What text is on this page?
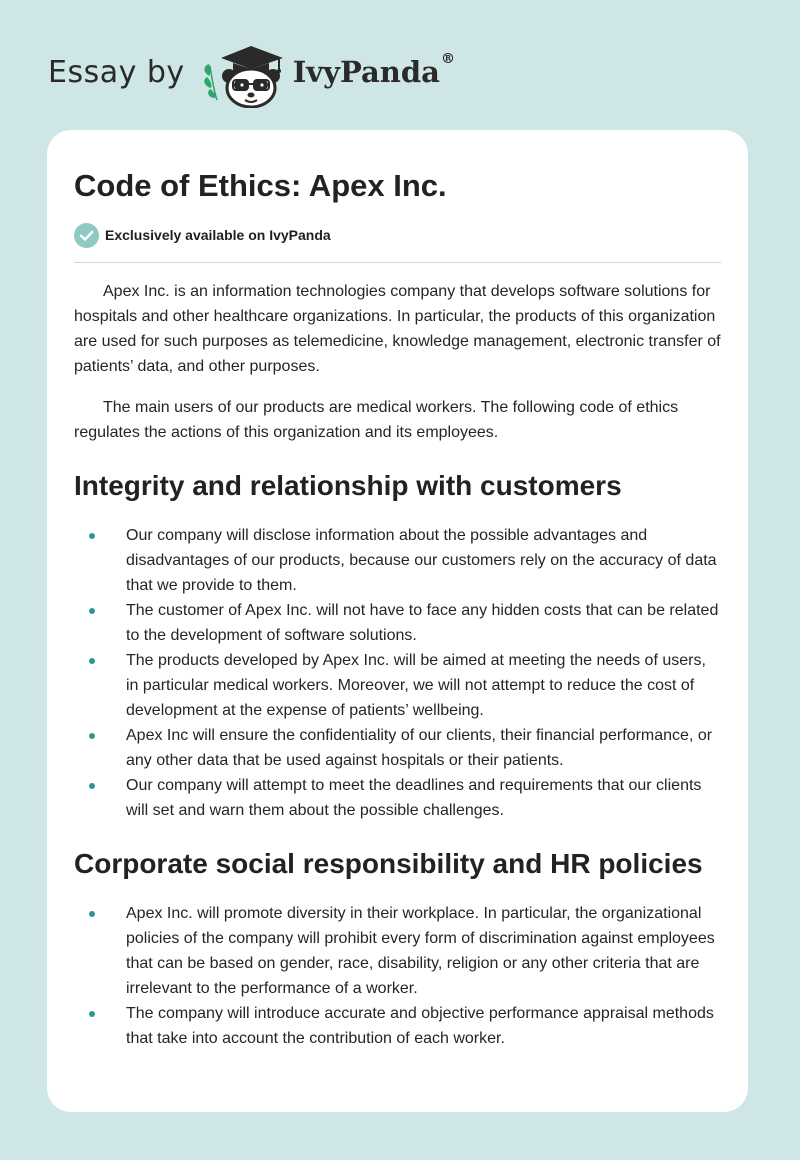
Essay by	IvyPanda®
Code of Ethics: Apex Inc.
Exclusively available on IvyPanda

Apex Inc. is an information technologies company that develops software solutions for hospitals and other healthcare organizations. In particular, the products of this organization are used for such purposes as telemedicine, knowledge management, electronic transfer of patients’ data, and other purposes.

The main users of our products are medical workers. The following code of ethics regulates the actions of this organization and its employees.

Integrity and relationship with customers
Our company will disclose information about the possible advantages and disadvantages of our products, because our customers rely on the accuracy of data that we provide to them.
The customer of Apex Inc. will not have to face any hidden costs that can be related to the development of software solutions.
The products developed by Apex Inc. will be aimed at meeting the needs of users, in particular medical workers. Moreover, we will not attempt to reduce the cost of development at the expense of patients’ wellbeing.
Apex Inc will ensure the confidentiality of our clients, their financial performance, or any other data that be used against hospitals or their patients.
Our company will attempt to meet the deadlines and requirements that our clients will set and warn them about the possible challenges.
Corporate social responsibility and HR policies
Apex Inc. will promote diversity in their workplace. In particular, the organizational policies of the company will prohibit every form of discrimination against employees that can be based on gender, race, disability, religion or any other criteria that are irrelevant to the performance of a worker.
The company will introduce accurate and objective performance appraisal methods that take into account the contribution of each worker.
